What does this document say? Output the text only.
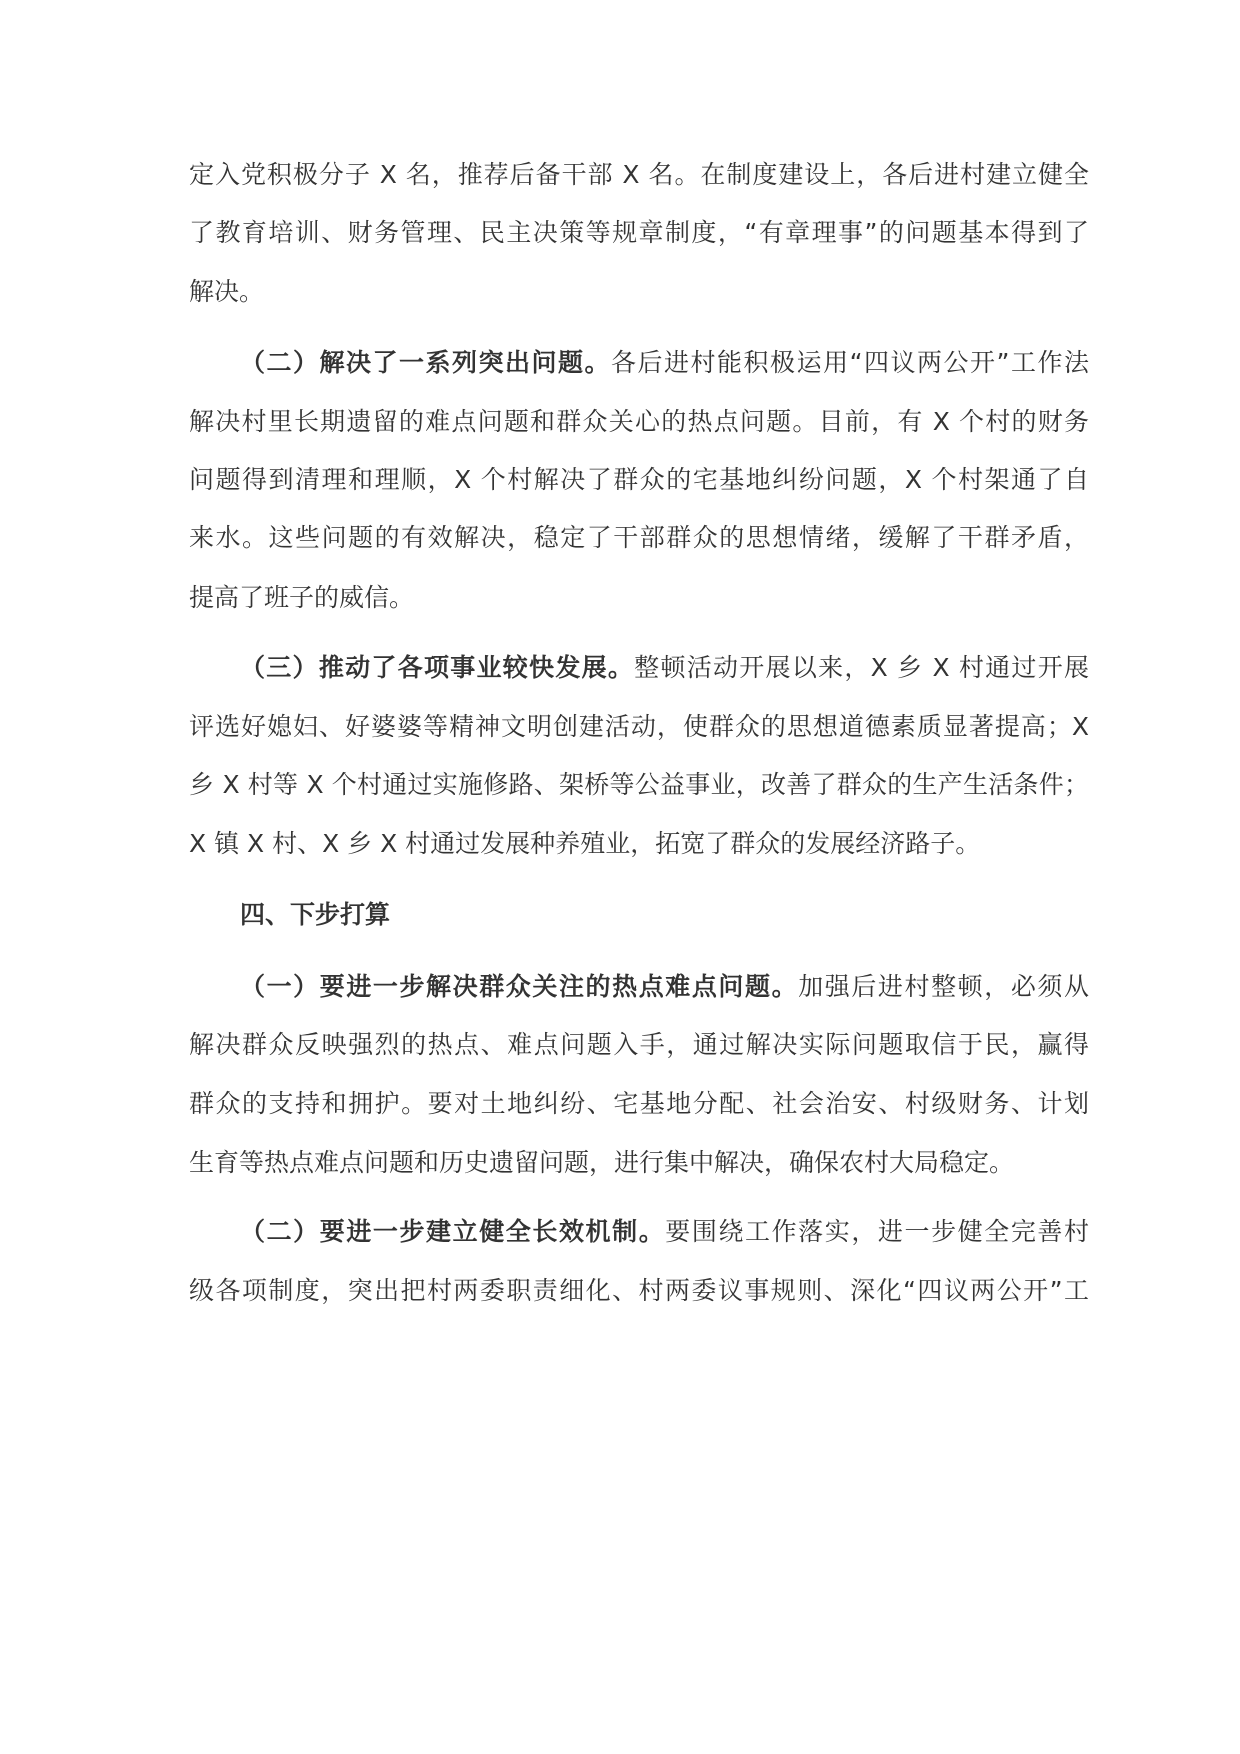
定入党积极分子 X 名，推荐后备干部 X 名。在制度建设上，各后进村建立健全
了教育培训、财务管理、民主决策等规章制度，“有章理事”的问题基本得到了
解决。
（二）解决了一系列突出问题。各后进村能积极运用“四议两公开”工作法
解决村里长期遗留的难点问题和群众关心的热点问题。目前，有 X 个村的财务
问题得到清理和理顺，X 个村解决了群众的宅基地纠纷问题，X 个村架通了自
来水。这些问题的有效解决，稳定了干部群众的思想情绪，缓解了干群矛盾，
提高了班子的威信。
（三）推动了各项事业较快发展。整顿活动开展以来，X 乡 X 村通过开展
评选好媳妇、好婆婆等精神文明创建活动，使群众的思想道德素质显著提高；X
乡 X 村等 X 个村通过实施修路、架桥等公益事业，改善了群众的生产生活条件；
X 镇 X 村、X 乡 X 村通过发展种养殖业，拓宽了群众的发展经济路子。
四、下步打算
（一）要进一步解决群众关注的热点难点问题。加强后进村整顿，必须从
解决群众反映强烈的热点、难点问题入手，通过解决实际问题取信于民，赢得
群众的支持和拥护。要对土地纠纷、宅基地分配、社会治安、村级财务、计划
生育等热点难点问题和历史遗留问题，进行集中解决，确保农村大局稳定。
（二）要进一步建立健全长效机制。要围绕工作落实，进一步健全完善村
级各项制度，突出把村两委职责细化、村两委议事规则、深化“四议两公开”工
